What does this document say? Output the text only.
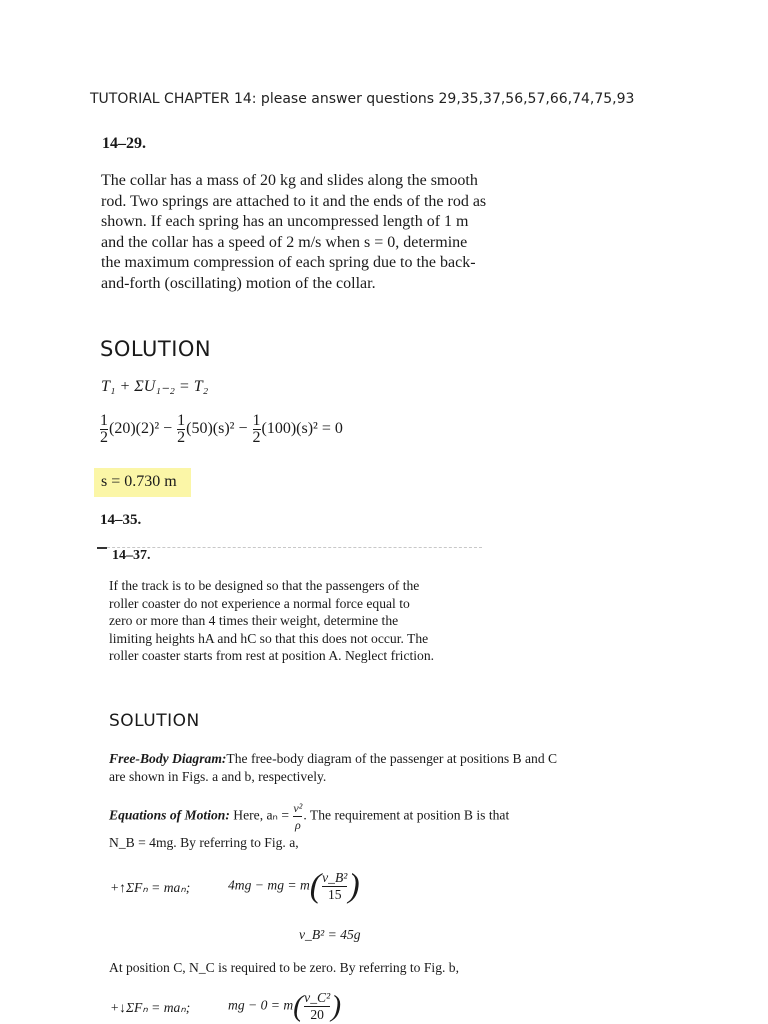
TUTORIAL CHAPTER 14: please answer questions 29,35,37,56,57,66,74,75,93
14–29.
The collar has a mass of 20 kg and slides along the smooth
rod. Two springs are attached to it and the ends of the rod as
shown. If each spring has an uncompressed length of 1 m
and the collar has a speed of 2 m/s when s = 0, determine
the maximum compression of each spring due to the back-
and-forth (oscillating) motion of the collar.
SOLUTION
T₁ + ΣU₁₋₂ = T₂
$\frac{1}{2} (20)(2)^2 - \frac{1}{2} (50)(s)^2 - \frac{1}{2} (100)(s)^2 = 0$
s = 0.730 m
14–35.
14–37.
If the track is to be designed so that the passengers of the
roller coaster do not experience a normal force equal to
zero or more than 4 times their weight, determine the
limiting heights hA and hC so that this does not occur. The
roller coaster starts from rest at position A. Neglect friction.
SOLUTION
Free-Body Diagram:The free-body diagram of the passenger at positions B and C
are shown in Figs. a and b, respectively.
Equations of Motion: Here, $a_n = \frac{\text{v²}}{\rho}$ . The requirement at position B is that
N_B = 4mg. By referring to Fig. a,
+↑ΣFₙ = maₙ;	4mg − mg = $m( \frac{\text{v\_B²}}{15}$ )
v_B² = 45g
At position C, N_C is required to be zero. By referring to Fig. b,
+↓ΣFₙ = maₙ;	mg − $0 = m( \frac{\text{v\_C²}}{20}$ )
